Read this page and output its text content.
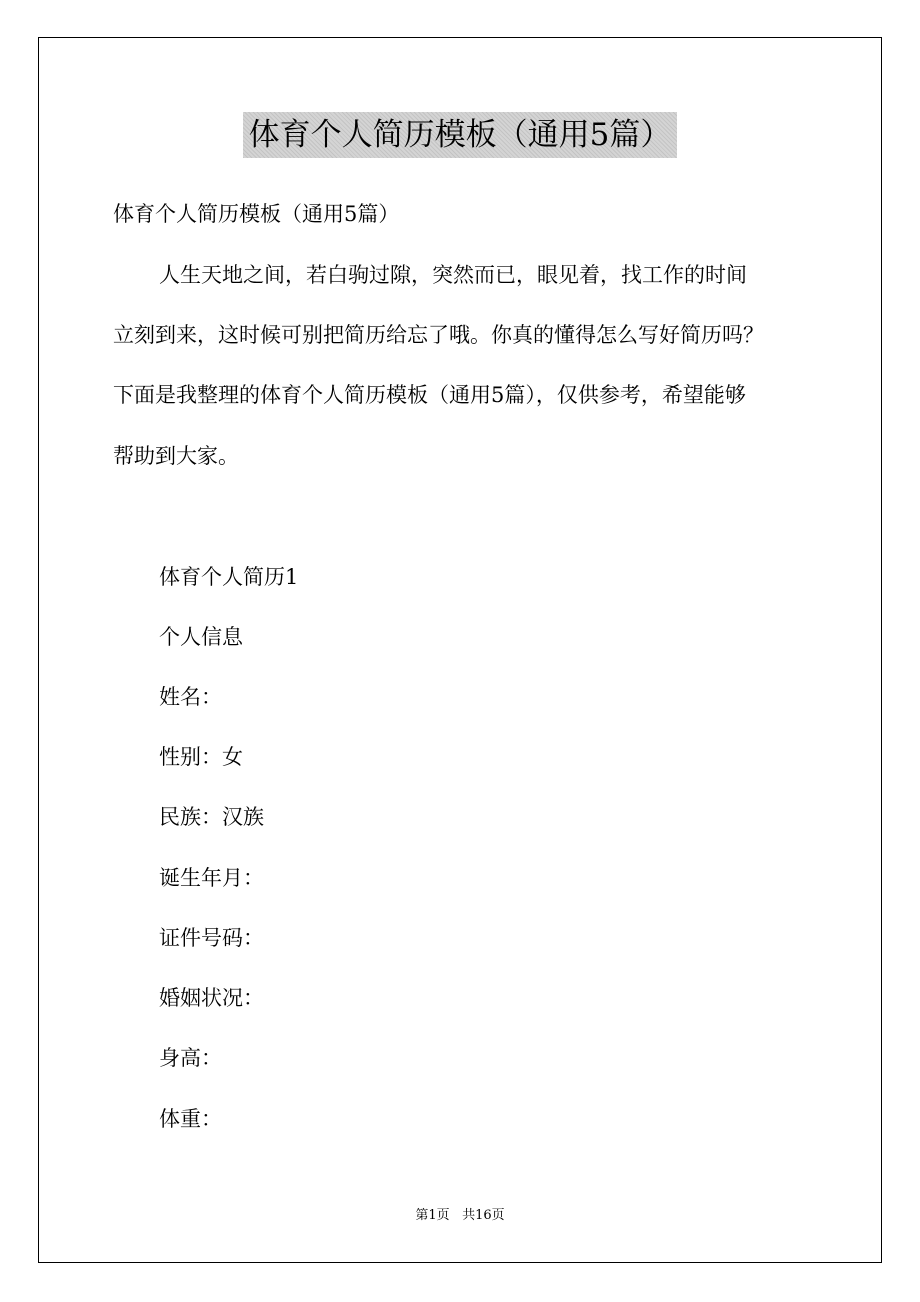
体育个人简历模板（通用5篇）
体育个人简历模板（通用5篇）
人生天地之间，若白驹过隙，突然而已，眼见着，找工作的时间
立刻到来，这时候可别把简历给忘了哦。你真的懂得怎么写好简历吗？
下面是我整理的体育个人简历模板（通用5篇），仅供参考，希望能够
帮助到大家。
体育个人简历1
个人信息
姓名：
性别：女
民族：汉族
诞生年月：
证件号码：
婚姻状况：
身高：
体重：
第1页 共16页
